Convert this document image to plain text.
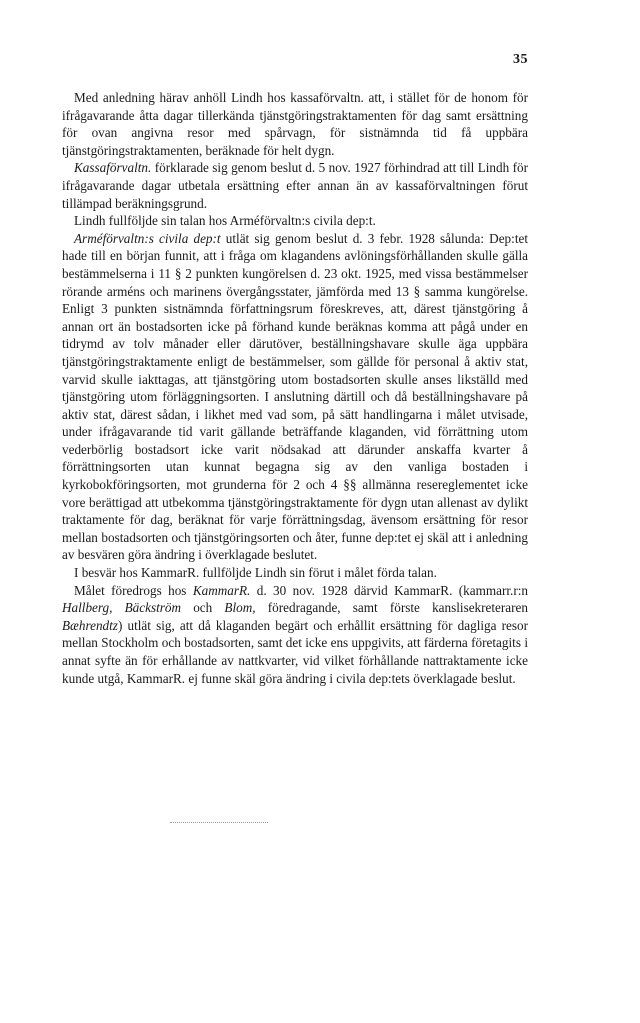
35

Med anledning härav anhöll Lindh hos kassaförvaltn. att, i stället för de honom för ifrågavarande åtta dagar tillerkända tjänstgöringstraktamenten för dag samt ersättning för ovan angivna resor med spårvagn, för sistnämnda tid få uppbära tjänstgöringstraktamenten, beräknade för helt dygn.

Kassaförvaltn. förklarade sig genom beslut d. 5 nov. 1927 förhindrad att till Lindh för ifrågavarande dagar utbetala ersättning efter annan än av kassaförvaltningen förut tillämpad beräkningsgrund.

Lindh fullföljde sin talan hos Arméförvaltn:s civila dep:t.

Arméförvaltn:s civila dep:t utlät sig genom beslut d. 3 febr. 1928 sålunda: Dep:tet hade till en början funnit, att i fråga om klagandens avlöningsförhållanden skulle gälla bestämmelserna i 11 § 2 punkten kungörelsen d. 23 okt. 1925, med vissa bestämmelser rörande arméns och marinens övergångsstater, jämförda med 13 § samma kungörelse. Enligt 3 punkten sistnämnda författningsrum föreskreves, att, därest tjänstgöring å annan ort än bostadsorten icke på förhand kunde beräknas komma att pågå under en tidrymd av tolv månader eller därutöver, beställningshavare skulle äga uppbära tjänstgöringstraktamente enligt de bestämmelser, som gällde för personal å aktiv stat, varvid skulle iakttagas, att tjänstgöring utom bostadsorten skulle anses likställd med tjänstgöring utom förläggningsorten. I anslutning därtill och då beställningshavare på aktiv stat, därest sådan, i likhet med vad som, på sätt handlingarna i målet utvisade, under ifrågavarande tid varit gällande beträffande klaganden, vid förrättning utom vederbörlig bostadsort icke varit nödsakad att därunder anskaffa kvarter å förrättningsorten utan kunnat begagna sig av den vanliga bostaden i kyrkobokföringsorten, mot grunderna för 2 och 4 §§ allmänna resereglementet icke vore berättigad att utbekomma tjänstgöringstraktamente för dygn utan allenast av dylikt traktamente för dag, beräknat för varje förrättningsdag, ävensom ersättning för resor mellan bostadsorten och tjänstgöringsorten och åter, funne dep:tet ej skäl att i anledning av besvären göra ändring i överklagade beslutet.

I besvär hos KammarR. fullföljde Lindh sin förut i målet förda talan.

Målet föredrogs hos KammarR. d. 30 nov. 1928 därvid KammarR. (kammarr.r:n Hallberg, Bäckström och Blom, föredragande, samt förste kanslisekreteraren Bæhrendtz) utlät sig, att då klaganden begärt och erhållit ersättning för dagliga resor mellan Stockholm och bostadsorten, samt det icke ens uppgivits, att färderna företagits i annat syfte än för erhållande av nattkvarter, vid vilket förhållande nattraktamente icke kunde utgå, KammarR. ej funne skäl göra ändring i civila dep:tets överklagade beslut.
